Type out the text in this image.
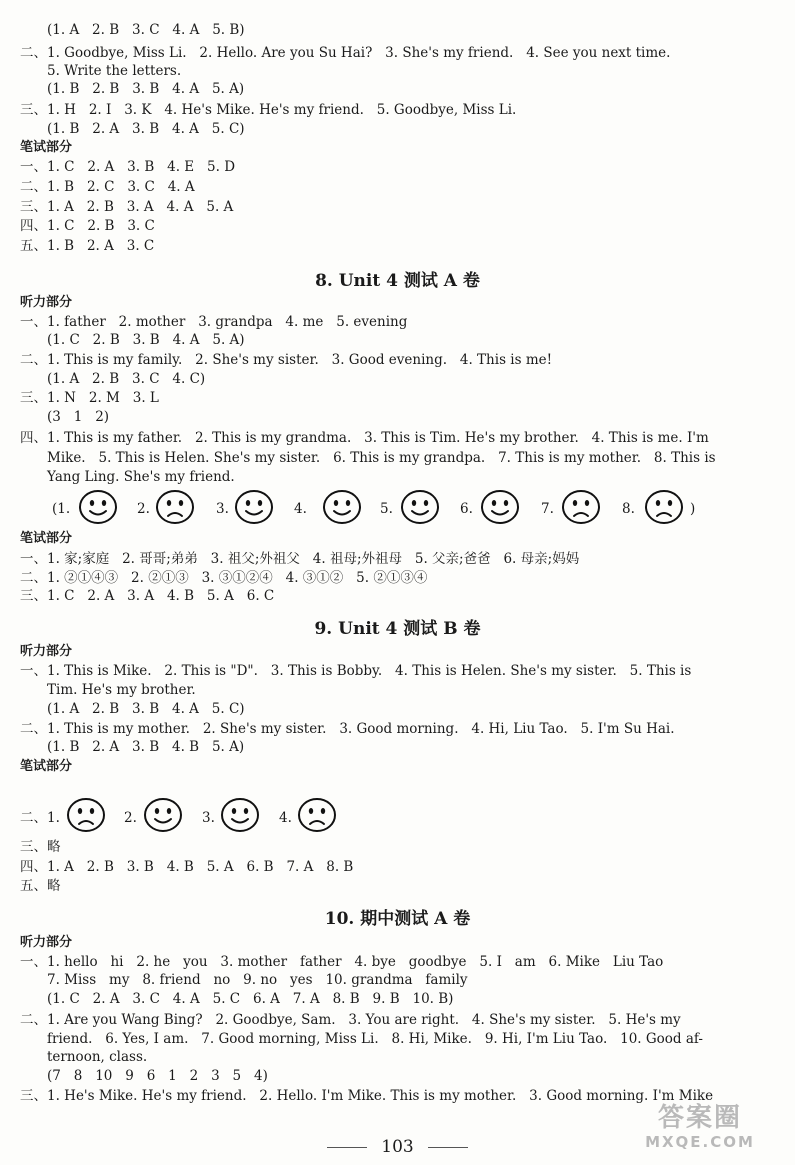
(1. A   2. B   3. C   4. A   5. B)
二、1. Goodbye, Miss Li.   2. Hello. Are you Su Hai?   3. She's my friend.   4. See you next time.
5. Write the letters.
(1. B   2. B   3. B   4. A   5. A)
三、1. H   2. I   3. K   4. He's Mike. He's my friend.   5. Goodbye, Miss Li.
(1. B   2. A   3. B   4. A   5. C)
笔试部分
一、1. C   2. A   3. B   4. E   5. D
二、1. B   2. C   3. C   4. A
三、1. A   2. B   3. A   4. A   5. A
四、1. C   2. B   3. C
五、1. B   2. A   3. C
8. Unit 4 测试 A 卷
听力部分
一、1. father   2. mother   3. grandpa   4. me   5. evening
(1. C   2. B   3. B   4. A   5. A)
二、1. This is my family.   2. She's my sister.   3. Good evening.   4. This is me!
(1. A   2. B   3. C   4. C)
三、1. N   2. M   3. L
(3   1   2)
四、1. This is my father.   2. This is my grandma.   3. This is Tim. He's my brother.   4. This is me. I'm
Mike.   5. This is Helen. She's my sister.   6. This is my grandpa.   7. This is my mother.   8. This is
Yang Ling. She's my friend.
(1.	2.	3.	4.	5.	6.	7.	8.	)
笔试部分
一、1. 家;家庭   2. 哥哥;弟弟   3. 祖父;外祖父   4. 祖母;外祖母   5. 父亲;爸爸   6. 母亲;妈妈
二、1. ②①④③   2. ②①③   3. ③①②④   4. ③①②   5. ②①③④
三、1. C   2. A   3. A   4. B   5. A   6. C
9. Unit 4 测试 B 卷
听力部分
一、1. This is Mike.   2. This is "D".   3. This is Bobby.   4. This is Helen. She's my sister.   5. This is
Tim. He's my brother.
(1. A   2. B   3. B   4. A   5. C)
二、1. This is my mother.   2. She's my sister.   3. Good morning.   4. Hi, Liu Tao.   5. I'm Su Hai.
(1. B   2. A   3. B   4. B   5. A)
笔试部分
二、1.	2.	3.	4.
三、略
四、1. A   2. B   3. B   4. B   5. A   6. B   7. A   8. B
五、略
10. 期中测试 A 卷
听力部分
一、1. hello   hi   2. he   you   3. mother   father   4. bye   goodbye   5. I   am   6. Mike   Liu Tao
7. Miss   my   8. friend   no   9. no   yes   10. grandma   family
(1. C   2. A   3. C   4. A   5. C   6. A   7. A   8. B   9. B   10. B)
二、1. Are you Wang Bing?   2. Goodbye, Sam.   3. You are right.   4. She's my sister.   5. He's my
friend.   6. Yes, I am.   7. Good morning, Miss Li.   8. Hi, Mike.   9. Hi, I'm Liu Tao.   10. Good af-
ternoon, class.
(7   8   10   9   6   1   2   3   5   4)
三、1. He's Mike. He's my friend.   2. Hello. I'm Mike. This is my mother.   3. Good morning. I'm Mike
103
答案圈
MXQE.COM
